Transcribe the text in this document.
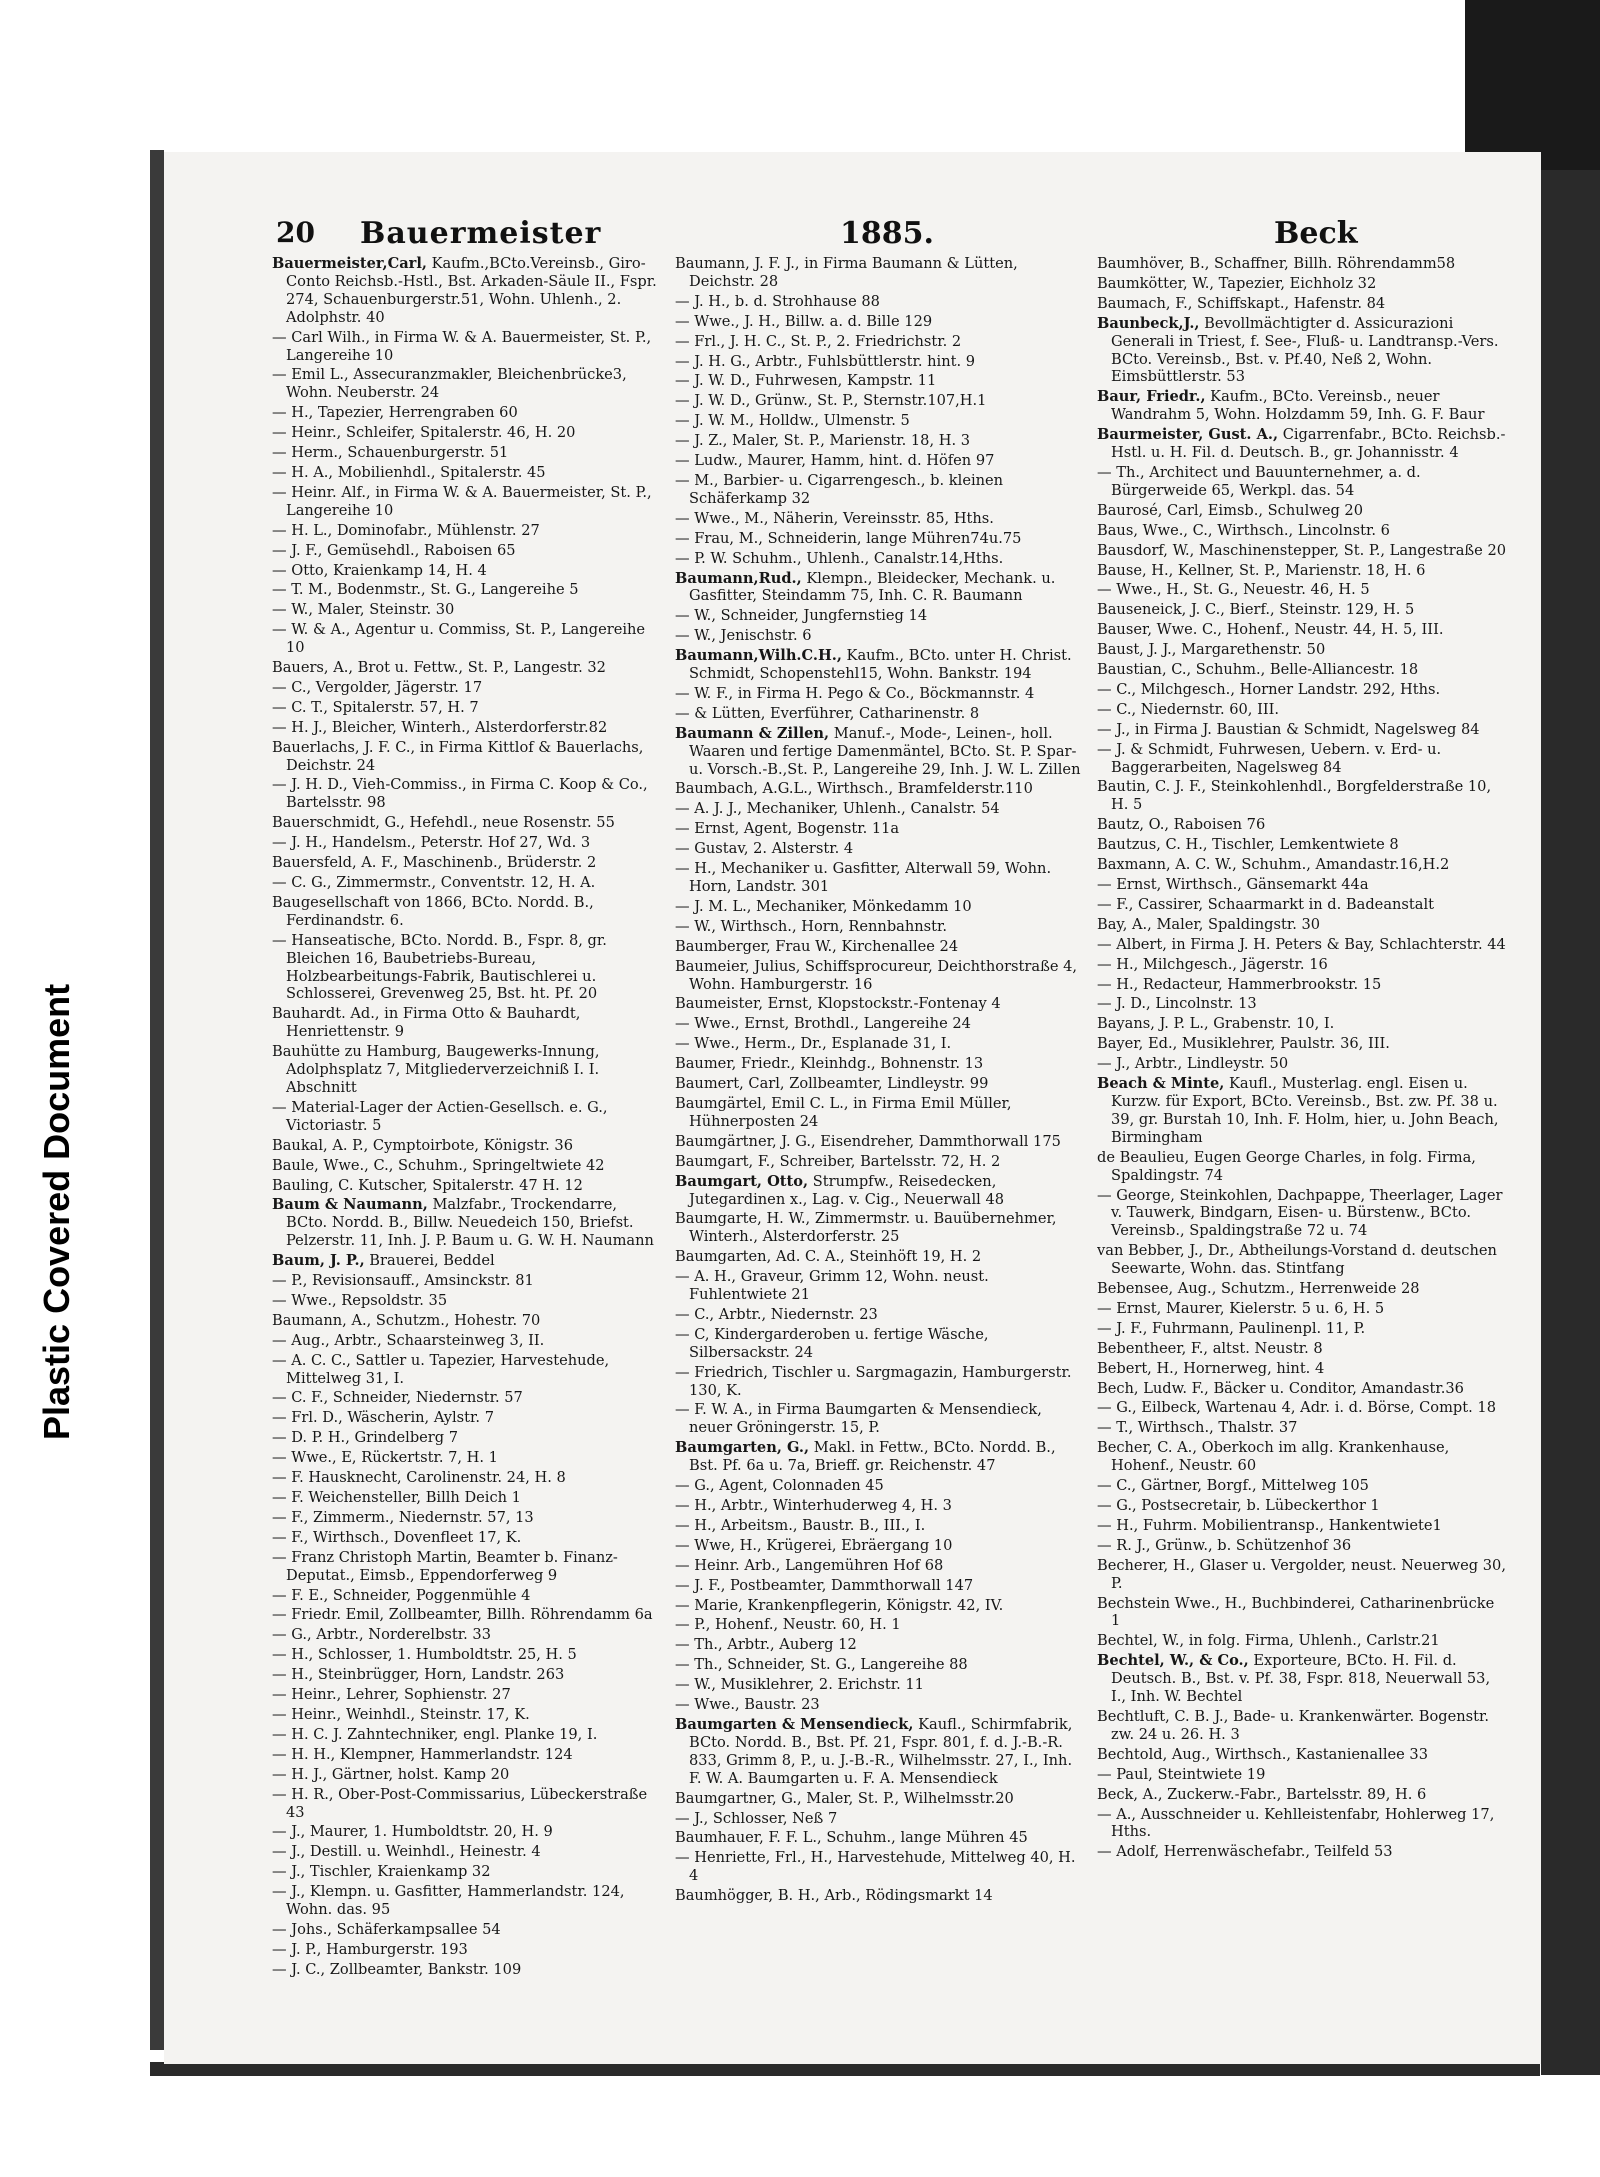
Plastic Covered Document
20 Bauermeister	1885.	Beck
Bauermeister,Carl, Kaufm.,BCto.Vereinsb., Giro-Conto Reichsb.-Hstl., Bst. Arkaden-Säule II., Fspr. 274, Schauenburgerstr.51, Wohn. Uhlenh., 2. Adolphstr. 40
— Carl Wilh., in Firma W. & A. Bauermeister, St. P., Langereihe 10
— Emil L., Assecuranzmakler, Bleichenbrücke3, Wohn. Neuberstr. 24
— H., Tapezier, Herrengraben 60
— Heinr., Schleifer, Spitalerstr. 46, H. 20
— Herm., Schauenburgerstr. 51
— H. A., Mobilienhdl., Spitalerstr. 45
— Heinr. Alf., in Firma W. & A. Bauermeister, St. P., Langereihe 10
— H. L., Dominofabr., Mühlenstr. 27
— J. F., Gemüsehdl., Raboisen 65
— Otto, Kraienkamp 14, H. 4
— T. M., Bodenmstr., St. G., Langereihe 5
— W., Maler, Steinstr. 30
— W. & A., Agentur u. Commiss, St. P., Langereihe 10
Bauers, A., Brot u. Fettw., St. P., Langestr. 32
— C., Vergolder, Jägerstr. 17
— C. T., Spitalerstr. 57, H. 7
— H. J., Bleicher, Winterh., Alsterdorferstr.82
Bauerlachs, J. F. C., in Firma Kittlof & Bauerlachs, Deichstr. 24
— J. H. D., Vieh-Commiss., in Firma C. Koop & Co., Bartelsstr. 98
Bauerschmidt, G., Hefehdl., neue Rosenstr. 55
— J. H., Handelsm., Peterstr. Hof 27, Wd. 3
Bauersfeld, A. F., Maschinenb., Brüderstr. 2
— C. G., Zimmermstr., Conventstr. 12, H. A.
Baugesellschaft von 1866, BCto. Nordd. B., Ferdinandstr. 6.
— Hanseatische, BCto. Nordd. B., Fspr. 8, gr. Bleichen 16, Baubetriebs-Bureau, Holzbearbeitungs-Fabrik, Bautischlerei u. Schlosserei, Grevenweg 25, Bst. ht. Pf. 20
Bauhardt. Ad., in Firma Otto & Bauhardt, Henriettenstr. 9
Bauhütte zu Hamburg, Baugewerks-Innung, Adolphsplatz 7, Mitgliederverzeichniß I. I. Abschnitt
— Material-Lager der Actien-Gesellsch. e. G., Victoriastr. 5
Baukal, A. P., Cymptoirbote, Königstr. 36
Baule, Wwe., C., Schuhm., Springeltwiete 42
Bauling, C. Kutscher, Spitalerstr. 47 H. 12
Baum & Naumann, Malzfabr., Trockendarre, BCto. Nordd. B., Billw. Neuedeich 150, Briefst. Pelzerstr. 11, Inh. J. P. Baum u. G. W. H. Naumann
Baum, J. P., Brauerei, Beddel
— P., Revisionsauff., Amsinckstr. 81
— Wwe., Repsoldstr. 35
Baumann, A., Schutzm., Hohestr. 70
— Aug., Arbtr., Schaarsteinweg 3, II.
— A. C. C., Sattler u. Tapezier, Harvestehude, Mittelweg 31, I.
— C. F., Schneider, Niedernstr. 57
— Frl. D., Wäscherin, Aylstr. 7
— D. P. H., Grindelberg 7
— Wwe., E, Rückertstr. 7, H. 1
— F. Hausknecht, Carolinenstr. 24, H. 8
— F. Weichensteller, Billh Deich 1
— F., Zimmerm., Niedernstr. 57, 13
— F., Wirthsch., Dovenfleet 17, K.
— Franz Christoph Martin, Beamter b. Finanz-Deputat., Eimsb., Eppendorferweg 9
— F. E., Schneider, Poggenmühle 4
— Friedr. Emil, Zollbeamter, Billh. Röhrendamm 6a
— G., Arbtr., Norderelbstr. 33
— H., Schlosser, 1. Humboldtstr. 25, H. 5
— H., Steinbrügger, Horn, Landstr. 263
— Heinr., Lehrer, Sophienstr. 27
— Heinr., Weinhdl., Steinstr. 17, K.
— H. C. J. Zahntechniker, engl. Planke 19, I.
— H. H., Klempner, Hammerlandstr. 124
— H. J., Gärtner, holst. Kamp 20
— H. R., Ober-Post-Commissarius, Lübeckerstraße 43
— J., Maurer, 1. Humboldtstr. 20, H. 9
— J., Destill. u. Weinhdl., Heinestr. 4
— J., Tischler, Kraienkamp 32
— J., Klempn. u. Gasfitter, Hammerlandstr. 124, Wohn. das. 95
— Johs., Schäferkampsallee 54
— J. P., Hamburgerstr. 193
— J. C., Zollbeamter, Bankstr. 109
Baumann, J. F. J., in Firma Baumann & Lütten, Deichstr. 28
— J. H., b. d. Strohhause 88
— Wwe., J. H., Billw. a. d. Bille 129
— Frl., J. H. C., St. P., 2. Friedrichstr. 2
— J. H. G., Arbtr., Fuhlsbüttlerstr. hint. 9
— J. W. D., Fuhrwesen, Kampstr. 11
— J. W. D., Grünw., St. P., Sternstr.107,H.1
— J. W. M., Holldw., Ulmenstr. 5
— J. Z., Maler, St. P., Marienstr. 18, H. 3
— Ludw., Maurer, Hamm, hint. d. Höfen 97
— M., Barbier- u. Cigarrengesch., b. kleinen Schäferkamp 32
— Wwe., M., Näherin, Vereinsstr. 85, Hths.
— Frau, M., Schneiderin, lange Mühren74u.75
— P. W. Schuhm., Uhlenh., Canalstr.14,Hths.
Baumann,Rud., Klempn., Bleidecker, Mechank. u. Gasfitter, Steindamm 75, Inh. C. R. Baumann
— W., Schneider, Jungfernstieg 14
— W., Jenischstr. 6
Baumann,Wilh.C.H., Kaufm., BCto. unter H. Christ. Schmidt, Schopenstehl15, Wohn. Bankstr. 194
— W. F., in Firma H. Pego & Co., Böckmannstr. 4
— & Lütten, Everführer, Catharinenstr. 8
Baumann & Zillen, Manuf.-, Mode-, Leinen-, holl. Waaren und fertige Damenmäntel, BCto. St. P. Spar- u. Vorsch.-B.,St. P., Langereihe 29, Inh. J. W. L. Zillen
Baumbach, A.G.L., Wirthsch., Bramfelderstr.110
— A. J. J., Mechaniker, Uhlenh., Canalstr. 54
— Ernst, Agent, Bogenstr. 11a
— Gustav, 2. Alsterstr. 4
— H., Mechaniker u. Gasfitter, Alterwall 59, Wohn. Horn, Landstr. 301
— J. M. L., Mechaniker, Mönkedamm 10
— W., Wirthsch., Horn, Rennbahnstr.
Baumberger, Frau W., Kirchenallee 24
Baumeier, Julius, Schiffsprocureur, Deichthorstraße 4, Wohn. Hamburgerstr. 16
Baumeister, Ernst, Klopstockstr.-Fontenay 4
— Wwe., Ernst, Brothdl., Langereihe 24
— Wwe., Herm., Dr., Esplanade 31, I.
Baumer, Friedr., Kleinhdg., Bohnenstr. 13
Baumert, Carl, Zollbeamter, Lindleystr. 99
Baumgärtel, Emil C. L., in Firma Emil Müller, Hühnerposten 24
Baumgärtner, J. G., Eisendreher, Dammthorwall 175
Baumgart, F., Schreiber, Bartelsstr. 72, H. 2
Baumgart, Otto, Strumpfw., Reisedecken, Jutegardinen x., Lag. v. Cig., Neuerwall 48
Baumgarte, H. W., Zimmermstr. u. Bauübernehmer, Winterh., Alsterdorferstr. 25
Baumgarten, Ad. C. A., Steinhöft 19, H. 2
— A. H., Graveur, Grimm 12, Wohn. neust. Fuhlentwiete 21
— C., Arbtr., Niedernstr. 23
— C, Kindergarderoben u. fertige Wäsche, Silbersackstr. 24
— Friedrich, Tischler u. Sargmagazin, Hamburgerstr. 130, K.
— F. W. A., in Firma Baumgarten & Mensendieck, neuer Gröningerstr. 15, P.
Baumgarten, G., Makl. in Fettw., BCto. Nordd. B., Bst. Pf. 6a u. 7a, Brieff. gr. Reichenstr. 47
— G., Agent, Colonnaden 45
— H., Arbtr., Winterhuderweg 4, H. 3
— H., Arbeitsm., Baustr. B., III., I.
— Wwe, H., Krügerei, Ebräergang 10
— Heinr. Arb., Langemühren Hof 68
— J. F., Postbeamter, Dammthorwall 147
— Marie, Krankenpflegerin, Königstr. 42, IV.
— P., Hohenf., Neustr. 60, H. 1
— Th., Arbtr., Auberg 12
— Th., Schneider, St. G., Langereihe 88
— W., Musiklehrer, 2. Erichstr. 11
— Wwe., Baustr. 23
Baumgarten & Mensendieck, Kaufl., Schirmfabrik, BCto. Nordd. B., Bst. Pf. 21, Fspr. 801, f. d. J.-B.-R. 833, Grimm 8, P., u. J.-B.-R., Wilhelmsstr. 27, I., Inh. F. W. A. Baumgarten u. F. A. Mensendieck
Baumgartner, G., Maler, St. P., Wilhelmsstr.20
— J., Schlosser, Neß 7
Baumhauer, F. F. L., Schuhm., lange Mühren 45
— Henriette, Frl., H., Harvestehude, Mittelweg 40, H. 4
Baumhögger, B. H., Arb., Rödingsmarkt 14
Baumhöver, B., Schaffner, Billh. Röhrendamm58
Baumkötter, W., Tapezier, Eichholz 32
Baumach, F., Schiffskapt., Hafenstr. 84
Baunbeck,J., Bevollmächtigter d. Assicurazioni Generali in Triest, f. See-, Fluß- u. Landtransp.-Vers. BCto. Vereinsb., Bst. v. Pf.40, Neß 2, Wohn. Eimsbüttlerstr. 53
Baur, Friedr., Kaufm., BCto. Vereinsb., neuer Wandrahm 5, Wohn. Holzdamm 59, Inh. G. F. Baur
Baurmeister, Gust. A., Cigarrenfabr., BCto. Reichsb.-Hstl. u. H. Fil. d. Deutsch. B., gr. Johannisstr. 4
— Th., Architect und Bauunternehmer, a. d. Bürgerweide 65, Werkpl. das. 54
Baurosé, Carl, Eimsb., Schulweg 20
Baus, Wwe., C., Wirthsch., Lincolnstr. 6
Bausdorf, W., Maschinenstepper, St. P., Langestraße 20
Bause, H., Kellner, St. P., Marienstr. 18, H. 6
— Wwe., H., St. G., Neuestr. 46, H. 5
Bauseneick, J. C., Bierf., Steinstr. 129, H. 5
Bauser, Wwe. C., Hohenf., Neustr. 44, H. 5, III.
Baust, J. J., Margarethenstr. 50
Baustian, C., Schuhm., Belle-Alliancestr. 18
— C., Milchgesch., Horner Landstr. 292, Hths.
— C., Niedernstr. 60, III.
— J., in Firma J. Baustian & Schmidt, Nagelsweg 84
— J. & Schmidt, Fuhrwesen, Uebern. v. Erd- u. Baggerarbeiten, Nagelsweg 84
Bautin, C. J. F., Steinkohlenhdl., Borgfelderstraße 10, H. 5
Bautz, O., Raboisen 76
Bautzus, C. H., Tischler, Lemkentwiete 8
Baxmann, A. C. W., Schuhm., Amandastr.16,H.2
— Ernst, Wirthsch., Gänsemarkt 44a
— F., Cassirer, Schaarmarkt in d. Badeanstalt
Bay, A., Maler, Spaldingstr. 30
— Albert, in Firma J. H. Peters & Bay, Schlachterstr. 44
— H., Milchgesch., Jägerstr. 16
— H., Redacteur, Hammerbrookstr. 15
— J. D., Lincolnstr. 13
Bayans, J. P. L., Grabenstr. 10, I.
Bayer, Ed., Musiklehrer, Paulstr. 36, III.
— J., Arbtr., Lindleystr. 50
Beach & Minte, Kaufl., Musterlag. engl. Eisen u. Kurzw. für Export, BCto. Vereinsb., Bst. zw. Pf. 38 u. 39, gr. Burstah 10, Inh. F. Holm, hier, u. John Beach, Birmingham
de Beaulieu, Eugen George Charles, in folg. Firma, Spaldingstr. 74
— George, Steinkohlen, Dachpappe, Theerlager, Lager v. Tauwerk, Bindgarn, Eisen- u. Bürstenw., BCto. Vereinsb., Spaldingstraße 72 u. 74
van Bebber, J., Dr., Abtheilungs-Vorstand d. deutschen Seewarte, Wohn. das. Stintfang
Bebensee, Aug., Schutzm., Herrenweide 28
— Ernst, Maurer, Kielerstr. 5 u. 6, H. 5
— J. F., Fuhrmann, Paulinenpl. 11, P.
Bebentheer, F., altst. Neustr. 8
Bebert, H., Hornerweg, hint. 4
Bech, Ludw. F., Bäcker u. Conditor, Amandastr.36
— G., Eilbeck, Wartenau 4, Adr. i. d. Börse, Compt. 18
— T., Wirthsch., Thalstr. 37
Becher, C. A., Oberkoch im allg. Krankenhause, Hohenf., Neustr. 60
— C., Gärtner, Borgf., Mittelweg 105
— G., Postsecretair, b. Lübeckerthor 1
— H., Fuhrm. Mobilientransp., Hankentwiete1
— R. J., Grünw., b. Schützenhof 36
Becherer, H., Glaser u. Vergolder, neust. Neuerweg 30, P.
Bechstein Wwe., H., Buchbinderei, Catharinenbrücke 1
Bechtel, W., in folg. Firma, Uhlenh., Carlstr.21
Bechtel, W., & Co., Exporteure, BCto. H. Fil. d. Deutsch. B., Bst. v. Pf. 38, Fspr. 818, Neuerwall 53, I., Inh. W. Bechtel
Bechtluft, C. B. J., Bade- u. Krankenwärter. Bogenstr. zw. 24 u. 26. H. 3
Bechtold, Aug., Wirthsch., Kastanienallee 33
— Paul, Steintwiete 19
Beck, A., Zuckerw.-Fabr., Bartelsstr. 89, H. 6
— A., Ausschneider u. Kehlleistenfabr, Hohlerweg 17, Hths.
— Adolf, Herrenwäschefabr., Teilfeld 53
